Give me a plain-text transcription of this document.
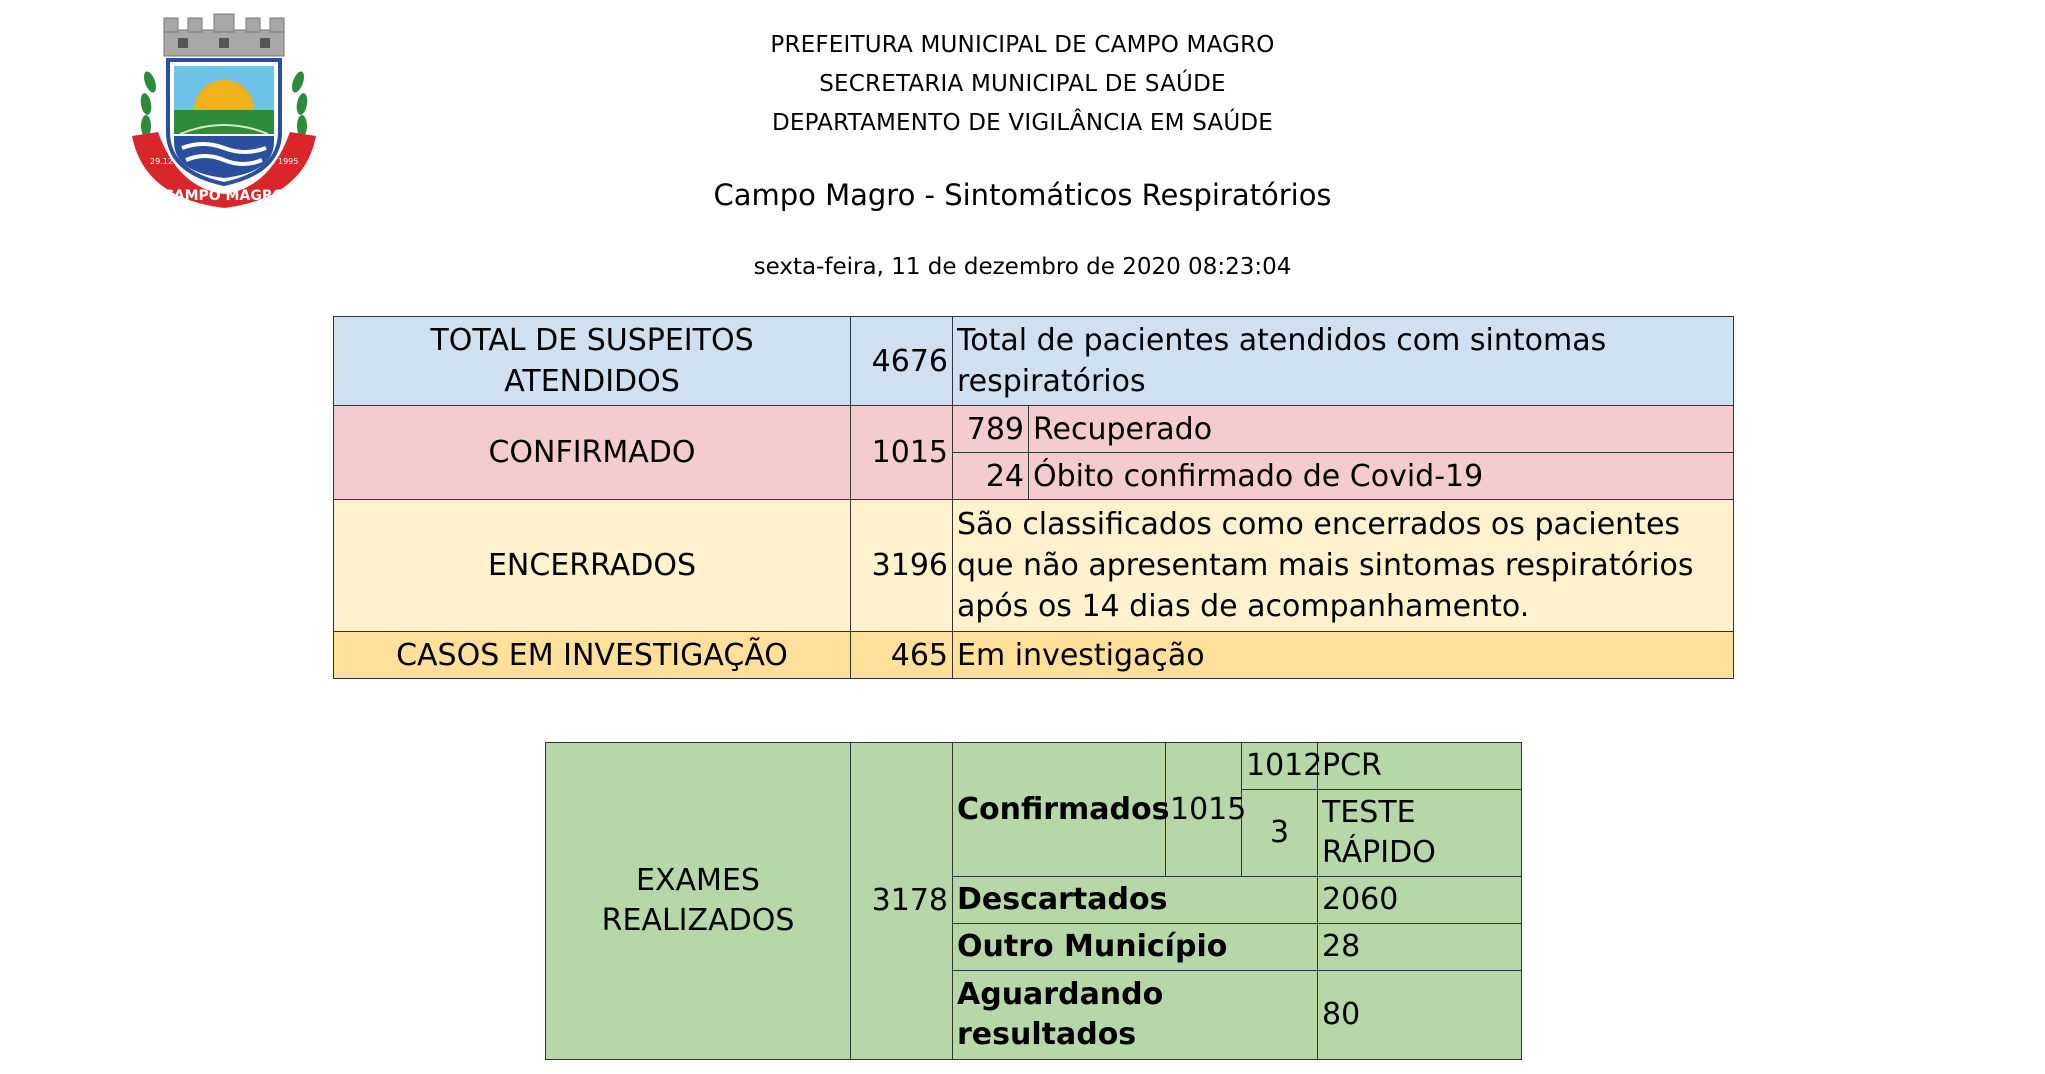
CAMPO MAGRO
29.12	1995
PREFEITURA MUNICIPAL DE CAMPO MAGRO
SECRETARIA MUNICIPAL DE SAÚDE
DEPARTAMENTO DE VIGILÂNCIA EM SAÚDE
Campo Magro - Sintomáticos Respiratórios
sexta-feira, 11 de dezembro de 2020 08:23:04
TOTAL DE SUSPEITOS ATENDIDOS	4676	Total de pacientes atendidos com sintomas respiratórios	
CONFIRMADO	1015	789	Recuperado
		24	Óbito confirmado de Covid-19
ENCERRADOS	3196	São classificados como encerrados os pacientes que não apresentam mais sintomas respiratórios após os 14 dias de acompanhamento.	
CASOS EM INVESTIGAÇÃO	465	Em investigação	
EXAMES REALIZADOS	3178	Confirmados	1015	1012	PCR
				3	TESTE RÁPIDO
		Descartados			2060
		Outro Município			28
		Aguardando resultados			80
